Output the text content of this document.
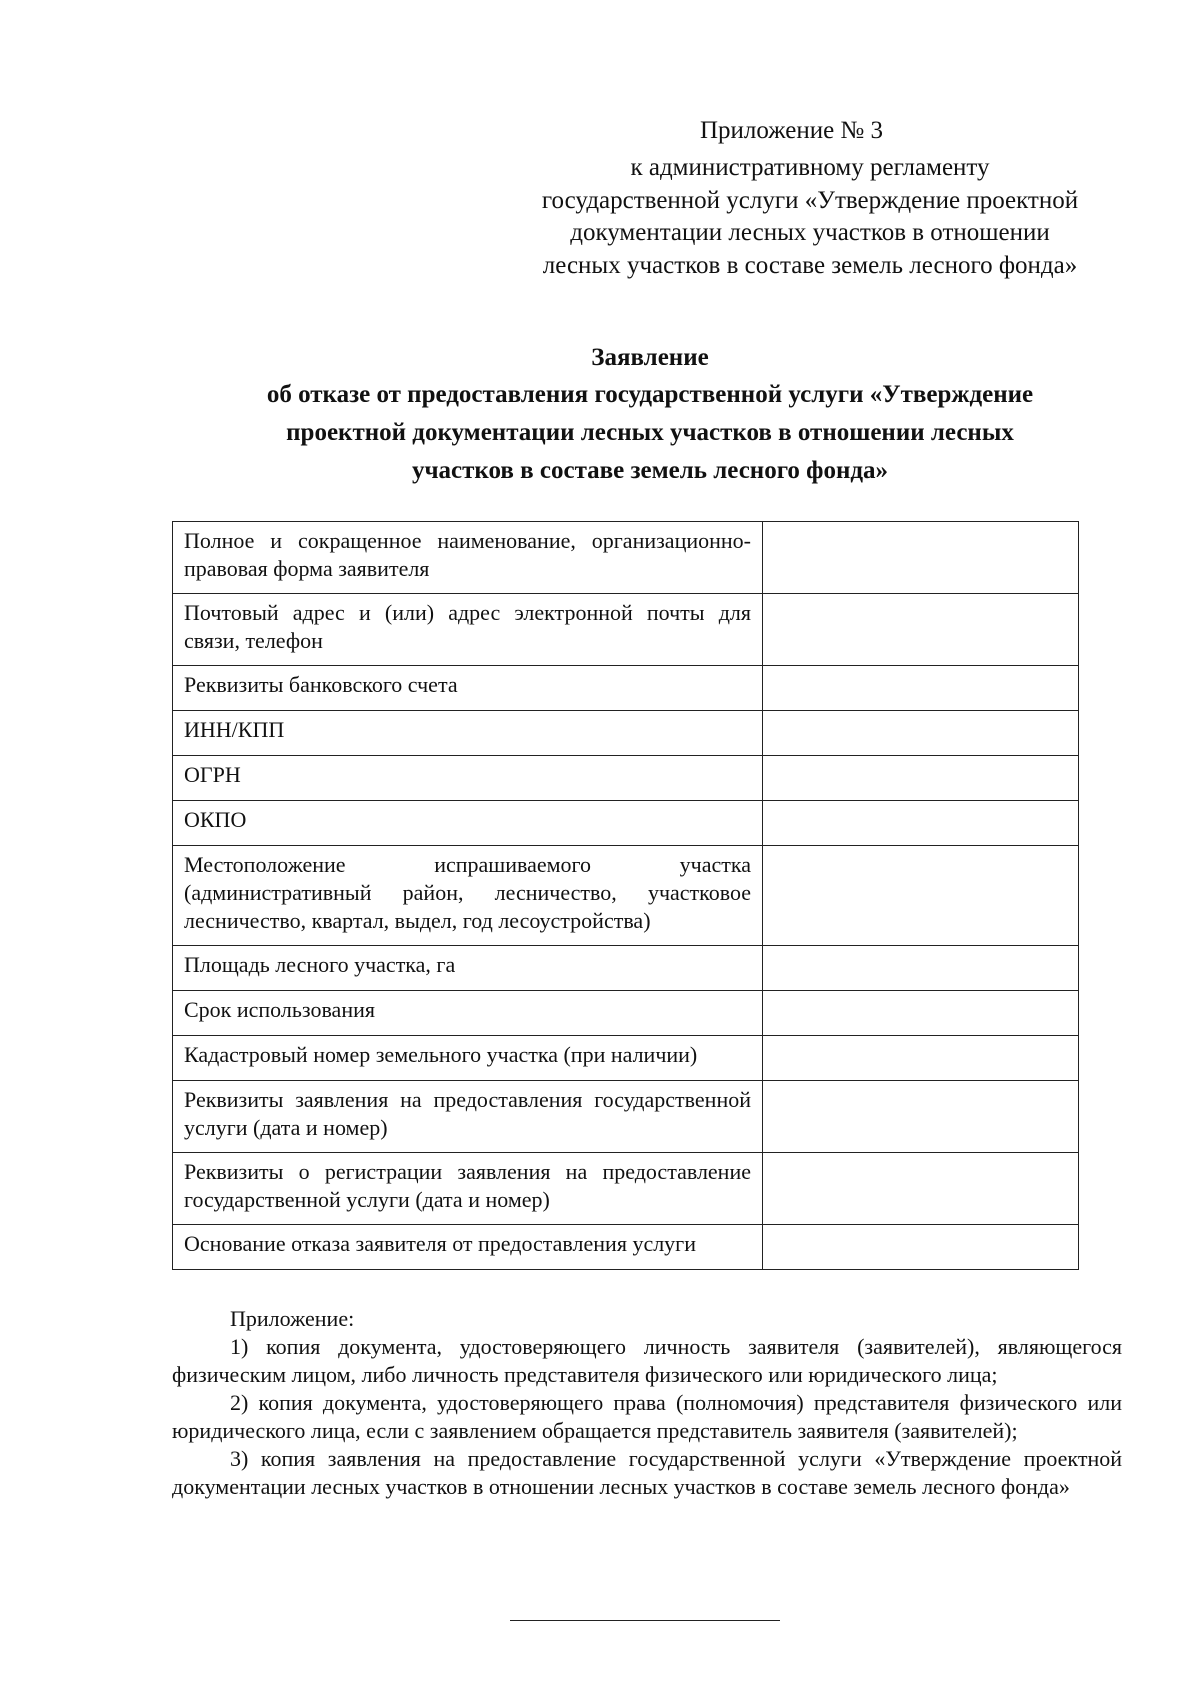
Приложение № 3
к административному регламенту
государственной услуги «Утверждение проектной
документации лесных участков в отношении
лесных участков в составе земель лесного фонда»
Заявление
об отказе от предоставления государственной услуги «Утверждение
проектной документации лесных участков в отношении лесных
участков в составе земель лесного фонда»
Полное и сокращенное наименование, организационно-правовая форма заявителя	
Почтовый адрес и (или) адрес электронной почты для связи, телефон	
Реквизиты банковского счета	
ИНН/КПП	
ОГРН	
ОКПО	
Местоположение испрашиваемого участка (административный район, лесничество, участковое лесничество, квартал, выдел, год лесоустройства)	
Площадь лесного участка, га	
Срок использования	
Кадастровый номер земельного участка (при наличии)	
Реквизиты заявления на предоставления государственной услуги (дата и номер)	
Реквизиты о регистрации заявления на предоставление государственной услуги (дата и номер)	
Основание отказа заявителя от предоставления услуги	

Приложение:

1) копия документа, удостоверяющего личность заявителя (заявителей), являющегося физическим лицом, либо личность представителя физического или юридического лица;

2) копия документа, удостоверяющего права (полномочия) представителя физического или юридического лица, если с заявлением обращается представитель заявителя (заявителей);

3) копия заявления на предоставление государственной услуги «Утверждение проектной документации лесных участков в отношении лесных участков в составе земель лесного фонда»
